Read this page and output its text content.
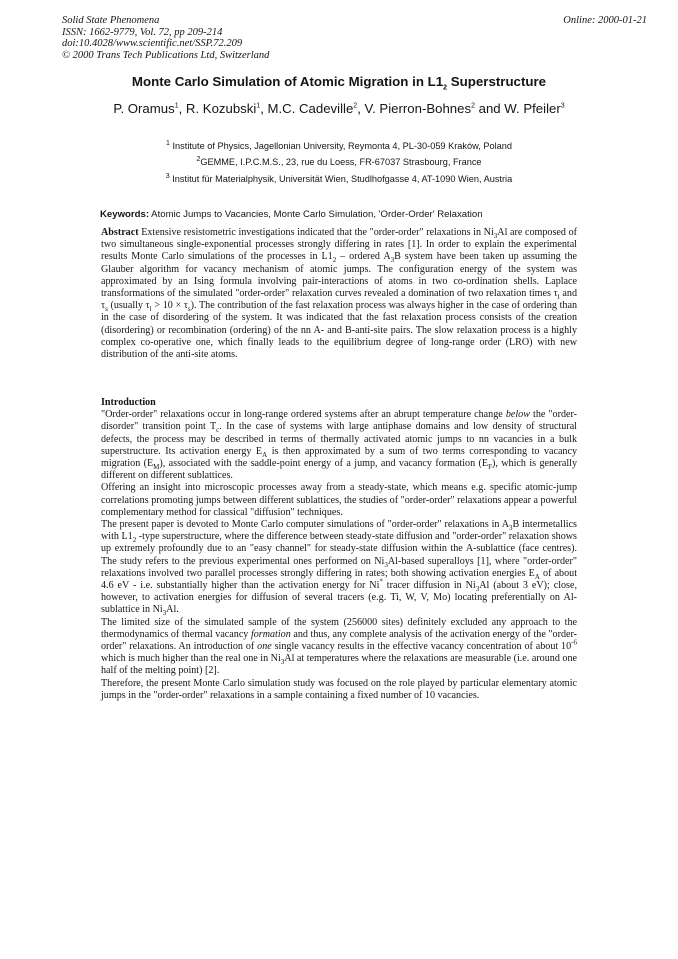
Solid State Phenomena
ISSN: 1662-9779, Vol. 72, pp 209-214
doi:10.4028/www.scientific.net/SSP.72.209
© 2000 Trans Tech Publications Ltd, Switzerland
Online: 2000-01-21
Monte Carlo Simulation of Atomic Migration in $L1_2$ Superstructure
P. Oramus$^1$, R. Kozubski$^1$, M.C. Cadeville$^2$, V. Pierron-Bohnes$^2$ and W. Pfeiler$^3$
$^1$ Institute of Physics, Jagellonian University, Reymonta 4, PL-30-059 Kraków, Poland
$^2$GEMME, I.P.C.M.S., 23, rue du Loess, FR-67037 Strasbourg, France
$^3$ Institut für Materialphysik, Universität Wien, Studlhofgasse 4, AT-1090 Wien, Austria
Keywords: Atomic Jumps to Vacancies, Monte Carlo Simulation, 'Order-Order' Relaxation

Abstract Extensive resistometric investigations indicated that the "order-order" relaxations in $Ni_3Al$ are composed of two simultaneous single-exponential processes strongly differing in rates [1]. In order to explain the experimental results Monte Carlo simulations of the processes in $L1_2$ – ordered $A_3B$ system have been taken up assuming the Glauber algorithm for vacancy mechanism of atomic jumps. The configuration energy of the system was approximated by an Ising formula involving pair-interactions of atoms in two co-ordination shells. Laplace transformations of the simulated "order-order" relaxation curves revealed a domination of two relaxation times $\tau_l$ and $\tau_s$ (usually $\tau_l > 10 \times \tau_s$). The contribution of the fast relaxation process was always higher in the case of ordering than in the case of disordering of the system. It was indicated that the fast relaxation process consists of the creation (disordering) or recombination (ordering) of the nn A- and B-anti-site pairs. The slow relaxation process is a highly complex co-operative one, which finally leads to the equilibrium degree of long-range order (LRO) with new distribution of the anti-site atoms.

Introduction

"Order-order" relaxations occur in long-range ordered systems after an abrupt temperature change below the "order-disorder" transition point $T_c$. In the case of systems with large antiphase domains and low density of structural defects, the process may be described in terms of thermally activated atomic jumps to nn vacancies in a bulk superstructure. Its activation energy $E_A$ is then approximated by a sum of two terms corresponding to vacancy migration $(E_M)$, associated with the saddle-point energy of a jump, and vacancy formation $(E_F)$, which is generally different on different sublattices.

Offering an insight into microscopic processes away from a steady-state, which means e.g. specific atomic-jump correlations promoting jumps between different sublattices, the studies of "order-order" relaxations appear a powerful complementary method for classical "diffusion" techniques.

The present paper is devoted to Monte Carlo computer simulations of "order-order" relaxations in $A_3B$ intermetallics with $L1_2$ -type superstructure, where the difference between steady-state diffusion and "order-order" relaxation shows up extremely profoundly due to an "easy channel" for steady-state diffusion within the A-sublattice (face centres). The study refers to the previous experimental ones performed on $Ni_3Al$-based superalloys [1], where "order-order" relaxations involved two parallel processes strongly differing in rates; both showing activation energies $E_A$ of about 4.6 eV - i.e. substantially higher than the activation energy for Ni* tracer diffusion in $Ni_3Al$ (about 3 eV); close, however, to activation energies for diffusion of several tracers (e.g. Ti, W, V, Mo) locating preferentially on Al-sublattice in $Ni_3Al$.

The limited size of the simulated sample of the system (256000 sites) definitely excluded any approach to the thermodynamics of thermal vacancy formation and thus, any complete analysis of the activation energy of the "order-order" relaxations. An introduction of one single vacancy results in the effective vacancy concentration of about $10^{-6}$ which is much higher than the real one in $Ni_3Al$ at temperatures where the relaxations are measurable (i.e. around one half of the melting point) [2].

Therefore, the present Monte Carlo simulation study was focused on the role played by particular elementary atomic jumps in the "order-order" relaxations in a sample containing a fixed number of 10 vacancies.
